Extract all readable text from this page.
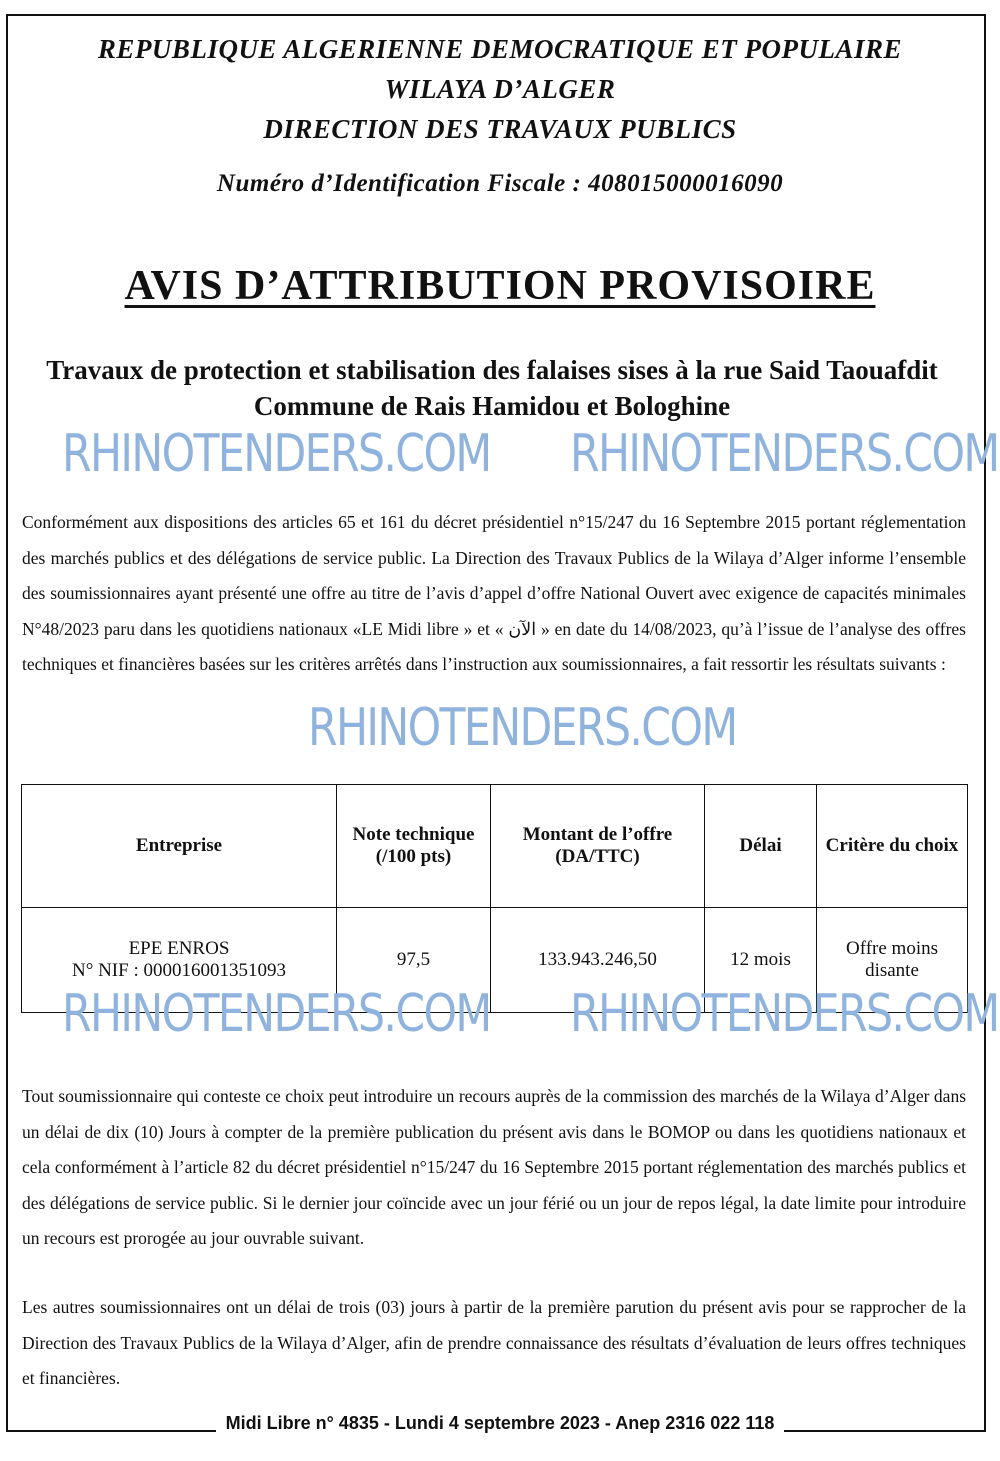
REPUBLIQUE ALGERIENNE DEMOCRATIQUE ET POPULAIRE
WILAYA D’ALGER
DIRECTION DES TRAVAUX PUBLICS
Numéro d’Identification Fiscale : 408015000016090
AVIS D’ATTRIBUTION PROVISOIRE
Travaux de protection et stabilisation des falaises sises à la rue Said Taouafdit Commune de Rais Hamidou et Bologhine
RHINOTENDERS.COM RHINOTENDERS.COM
RHINOTENDERS.COM
RHINOTENDERS.COM RHINOTENDERS.COM
Conformément aux dispositions des articles 65 et 161 du décret présidentiel n°15/247 du 16 Septembre 2015 portant réglementation des marchés publics et des délégations de service public. La Direction des Travaux Publics de la Wilaya d’Alger informe l’ensemble des soumissionnaires ayant présenté une offre au titre de l’avis d’appel d’offre National Ouvert avec exigence de capacités minimales N°48/2023 paru dans les quotidiens nationaux «LE Midi libre » et « الآن » en date du 14/08/2023, qu’à l’issue de l’analyse des offres techniques et financières basées sur les critères arrêtés dans l’instruction aux soumissionnaires, a fait ressortir les résultats suivants :
Entreprise	Note technique (/100 pts)	Montant de l’offre (DA/TTC)	Délai	Critère du choix

EPE ENROS
N° NIF : 000016001351093	97,5	133.943.246,50	12 mois	Offre moins disante
Tout soumissionnaire qui conteste ce choix peut introduire un recours auprès de la commission des marchés de la Wilaya d’Alger dans un délai de dix (10) Jours à compter de la première publication du présent avis dans le BOMOP ou dans les quotidiens nationaux et cela conformément à l’article 82 du décret présidentiel n°15/247 du 16 Septembre 2015 portant réglementation des marchés publics et des délégations de service public. Si le dernier jour coïncide avec un jour férié ou un jour de repos légal, la date limite pour introduire un recours est prorogée au jour ouvrable suivant.
Les autres soumissionnaires ont un délai de trois (03) jours à partir de la première parution du présent avis pour se rapprocher de la Direction des Travaux Publics de la Wilaya d’Alger, afin de prendre connaissance des résultats d’évaluation de leurs offres techniques et financières.
Midi Libre n° 4835 - Lundi 4 septembre 2023 - Anep 2316 022 118
